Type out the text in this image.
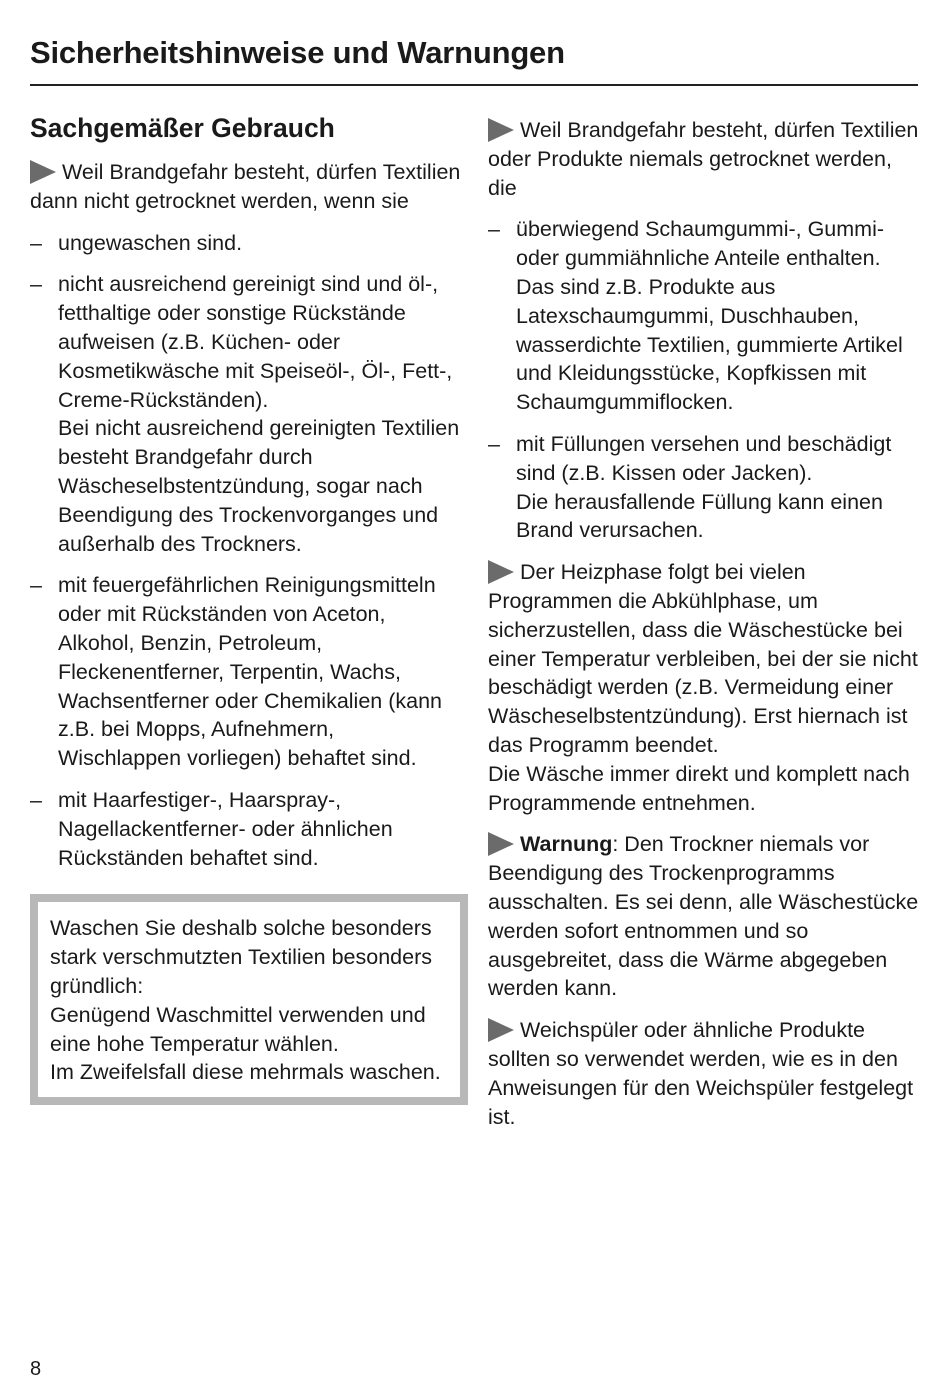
Sicherheitshinweise und Warnungen
Sachgemäßer Gebrauch
Weil Brandgefahr besteht, dürfen Textilien dann nicht getrocknet werden, wenn sie
– ungewaschen sind.
– nicht ausreichend gereinigt sind und öl-, fetthaltige oder sonstige Rückstände aufweisen (z.B. Küchen- oder Kosmetikwäsche mit Speiseöl-, Öl-, Fett-, Creme-Rückständen).
Bei nicht ausreichend gereinigten Textilien besteht Brandgefahr durch Wäscheselbstentzündung, sogar nach Beendigung des Trockenvorganges und außerhalb des Trockners.
– mit feuergefährlichen Reinigungsmitteln oder mit Rückständen von Aceton, Alkohol, Benzin, Petroleum, Fleckenentferner, Terpentin, Wachs, Wachsentferner oder Chemikalien (kann z.B. bei Mopps, Aufnehmern, Wischlappen vorliegen) behaftet sind.
– mit Haarfestiger-, Haarspray-, Nagellackentferner- oder ähnlichen Rückständen behaftet sind.
Waschen Sie deshalb solche besonders stark verschmutzten Textilien besonders gründlich:
Genügend Waschmittel verwenden und eine hohe Temperatur wählen.
Im Zweifelsfall diese mehrmals waschen.
Weil Brandgefahr besteht, dürfen Textilien oder Produkte niemals getrocknet werden, die
– überwiegend Schaumgummi-, Gummi- oder gummiähnliche Anteile enthalten. Das sind z.B. Produkte aus Latexschaumgummi, Duschhauben, wasserdichte Textilien, gummierte Artikel und Kleidungsstücke, Kopfkissen mit Schaumgummiflocken.
– mit Füllungen versehen und beschädigt sind (z.B. Kissen oder Jacken).
Die herausfallende Füllung kann einen Brand verursachen.
Der Heizphase folgt bei vielen Programmen die Abkühlphase, um sicherzustellen, dass die Wäschestücke bei einer Temperatur verbleiben, bei der sie nicht beschädigt werden (z.B. Vermeidung einer Wäscheselbstentzündung). Erst hiernach ist das Programm beendet.
Die Wäsche immer direkt und komplett nach Programmende entnehmen.
Warnung: Den Trockner niemals vor Beendigung des Trockenprogramms ausschalten. Es sei denn, alle Wäschestücke werden sofort entnommen und so ausgebreitet, dass die Wärme abgegeben werden kann.
Weichspüler oder ähnliche Produkte sollten so verwendet werden, wie es in den Anweisungen für den Weichspüler festgelegt ist.
8
